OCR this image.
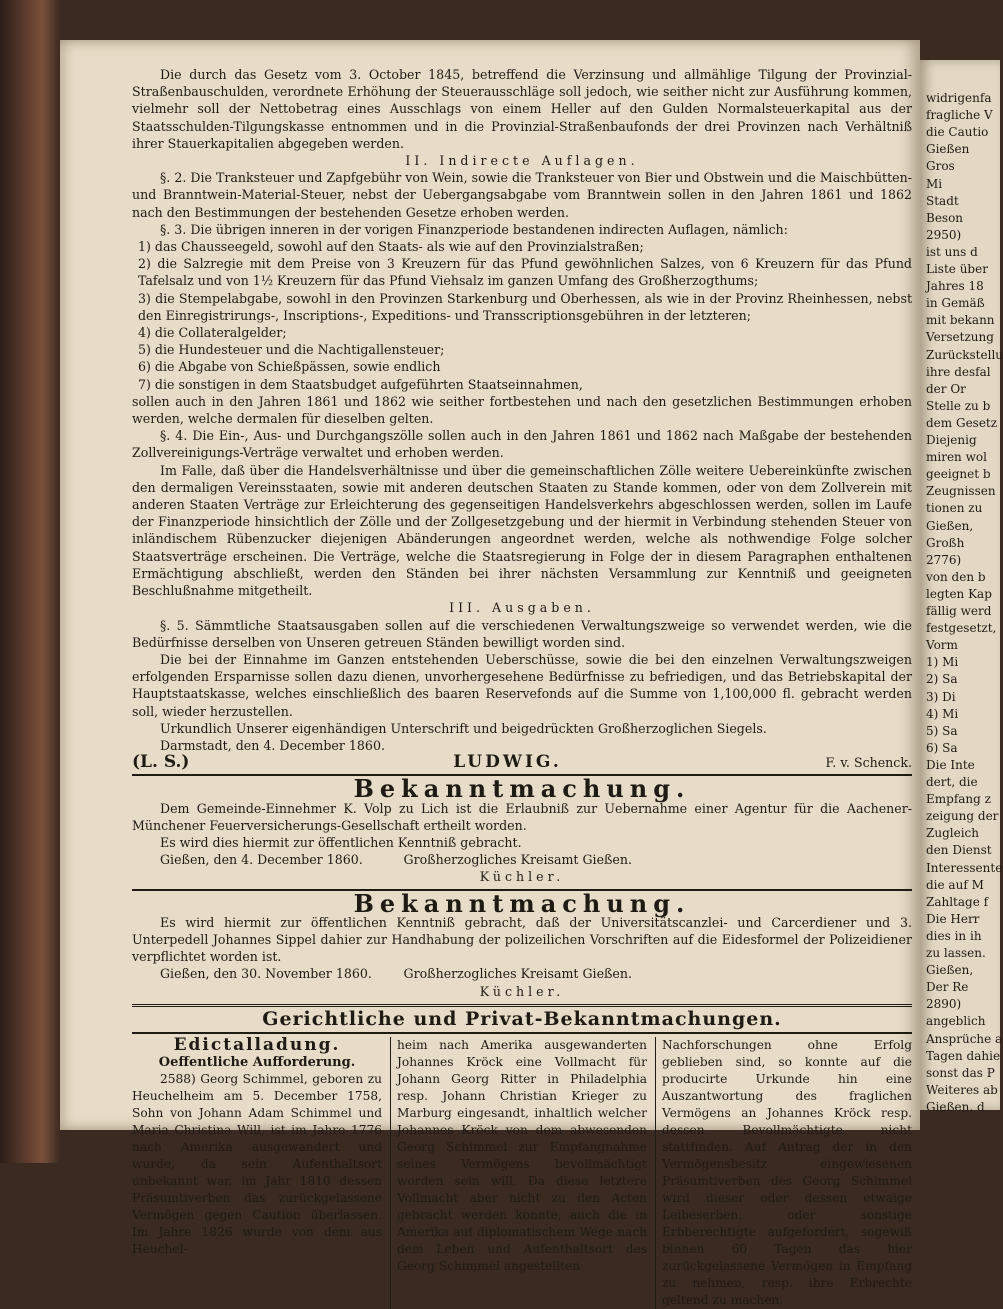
Die durch das Gesetz vom 3. October 1845, betreffend die Verzinsung und allmählige Tilgung der Provinzial-Straßenbauschulden, verordnete Erhöhung der Steuerausschläge soll jedoch, wie seither nicht zur Ausführung kommen, vielmehr soll der Nettobetrag eines Ausschlags von einem Heller auf den Gulden Normalsteuerkapital aus der Staatsschulden-Tilgungskasse entnommen und in die Provinzial-Straßenbaufonds der drei Provinzen nach Verhältniß ihrer Stauerkapitalien abgegeben werden.

II. Indirecte Auflagen.

§. 2. Die Tranksteuer und Zapfgebühr von Wein, sowie die Tranksteuer von Bier und Obstwein und die Maischbütten- und Branntwein-Material-Steuer, nebst der Uebergangsabgabe vom Branntwein sollen in den Jahren 1861 und 1862 nach den Bestimmungen der bestehenden Gesetze erhoben werden.

§. 3. Die übrigen inneren in der vorigen Finanzperiode bestandenen indirecten Auflagen, nämlich:

1) das Chausseegeld, sowohl auf den Staats- als wie auf den Provinzialstraßen;

2) die Salzregie mit dem Preise von 3 Kreuzern für das Pfund gewöhnlichen Salzes, von 6 Kreuzern für das Pfund Tafelsalz und von 1½ Kreuzern für das Pfund Viehsalz im ganzen Umfang des Großherzogthums;

3) die Stempelabgabe, sowohl in den Provinzen Starkenburg und Oberhessen, als wie in der Provinz Rheinhessen, nebst den Einregistrirungs-, Inscriptions-, Expeditions- und Transscriptionsgebühren in der letzteren;

4) die Collateralgelder;

5) die Hundesteuer und die Nachtigallensteuer;

6) die Abgabe von Schießpässen, sowie endlich

7) die sonstigen in dem Staatsbudget aufgeführten Staatseinnahmen,

sollen auch in den Jahren 1861 und 1862 wie seither fortbestehen und nach den gesetzlichen Bestimmungen erhoben werden, welche dermalen für dieselben gelten.

§. 4. Die Ein-, Aus- und Durchgangszölle sollen auch in den Jahren 1861 und 1862 nach Maßgabe der bestehenden Zollvereinigungs-Verträge verwaltet und erhoben werden.

Im Falle, daß über die Handelsverhältnisse und über die gemeinschaftlichen Zölle weitere Uebereinkünfte zwischen den dermaligen Vereinsstaaten, sowie mit anderen deutschen Staaten zu Stande kommen, oder von dem Zollverein mit anderen Staaten Verträge zur Erleichterung des gegenseitigen Handelsverkehrs abgeschlossen werden, sollen im Laufe der Finanzperiode hinsichtlich der Zölle und der Zollgesetzgebung und der hiermit in Verbindung stehenden Steuer von inländischem Rübenzucker diejenigen Abänderungen angeordnet werden, welche als nothwendige Folge solcher Staatsverträge erscheinen. Die Verträge, welche die Staatsregierung in Folge der in diesem Paragraphen enthaltenen Ermächtigung abschließt, werden den Ständen bei ihrer nächsten Versammlung zur Kenntniß und geeigneten Beschlußnahme mitgetheilt.

III. Ausgaben.

§. 5. Sämmtliche Staatsausgaben sollen auf die verschiedenen Verwaltungszweige so verwendet werden, wie die Bedürfnisse derselben von Unseren getreuen Ständen bewilligt worden sind.

Die bei der Einnahme im Ganzen entstehenden Ueberschüsse, sowie die bei den einzelnen Verwaltungszweigen erfolgenden Ersparnisse sollen dazu dienen, unvorhergesehene Bedürfnisse zu befriedigen, und das Betriebskapital der Hauptstaatskasse, welches einschließlich des baaren Reservefonds auf die Summe von 1,100,000 fl. gebracht werden soll, wieder herzustellen.

Urkundlich Unserer eigenhändigen Unterschrift und beigedrückten Großherzoglichen Siegels.

Darmstadt, den 4. December 1860.

(L. S.)	LUDWIG.	F. v. Schenck.
Bekanntmachung.

Dem Gemeinde-Einnehmer K. Volp zu Lich ist die Erlaubniß zur Uebernahme einer Agentur für die Aachener-Münchener Feuerversicherungs-Gesellschaft ertheilt worden.

Es wird dies hiermit zur öffentlichen Kenntniß gebracht.

Gießen, den 4. December 1860.	Großherzogliches Kreisamt Gießen.

Küchler.

Bekanntmachung.

Es wird hiermit zur öffentlichen Kenntniß gebracht, daß der Universitätscanzlei- und Carcerdiener und 3. Unterpedell Johannes Sippel dahier zur Handhabung der polizeilichen Vorschriften auf die Eidesformel der Polizeidiener verpflichtet worden ist.

Gießen, den 30. November 1860.	Großherzogliches Kreisamt Gießen.

Küchler.

Gerichtliche und Privat-Bekanntmachungen.
Edictalladung.
Oeffentliche Aufforderung.

2588) Georg Schimmel, geboren zu Heuchelheim am 5. December 1758, Sohn von Johann Adam Schimmel und Maria Christina Will, ist im Jahre 1776 nach Amerika ausgewandert und wurde, da sein Aufenthaltsort unbekannt war, im Jahr 1810 dessen Präsumtiverben das zurückgelassene Vermögen gegen Caution überlassen. Im Jahre 1826 wurde von dem aus Heuchel-

heim nach Amerika ausgewanderten Johannes Kröck eine Vollmacht für Johann Georg Ritter in Philadelphia resp. Johann Christian Krieger zu Marburg eingesandt, inhaltlich welcher Johannes Kröck von dem abwesenden Georg Schimmel zur Empfangnahme seines Vermögens bevollmächtigt worden sein will. Da diese letztere Vollmacht aber nicht zu den Acten gebracht werden konnte, auch die in Amerika auf diplomatischem Wege nach dem Leben und Aufenthaltsort des Georg Schimmel angestellten

Nachforschungen ohne Erfolg geblieben sind, so konnte auf die producirte Urkunde hin eine Auszantwortung des fraglichen Vermögens an Johannes Kröck resp. dessen Bevollmächtigte nicht stattfinden. Auf Antrag der in den Vermögensbesitz eingewiesenen Präsumtiverben des Georg Schimmel wird dieser oder dessen etwaige Leibeserben, oder sonstige Erbberechtigte aufgefordert, sogewiß binnen 60 Tagen das hier zurückgelassene Vermögen in Empfang zu nehmen, resp. ihre Erbrechte geltend zu machen,

widrigenfa
fragliche V
die Cautio
Gießen
Gros
Mi
Stadt
Beson
2950)
ist uns d
Liste über
Jahres 18
in Gemäß
mit bekann
Versetzung
Zurückstellu
ihre desfal
der Or
Stelle zu b
dem Gesetz
Diejenig
miren wol
geeignet b
Zeugnissen
tionen zu
Gießen,
Großh
2776)
von den b
legten Kap
fällig werd
festgesetzt,
Vorm
1) Mi
2) Sa
3) Di
4) Mi
5) Sa
6) Sa
Die Inte
dert, die
Empfang z
zeigung der
Zugleich
den Dienst
Interessente
die auf M
Zahltage f
Die Herr
dies in ih
zu lassen.
Gießen,
Der Re
2890)
angeblich
Ansprüche a
Tagen dahie
sonst das P
Weiteres ab
Gießen, d
